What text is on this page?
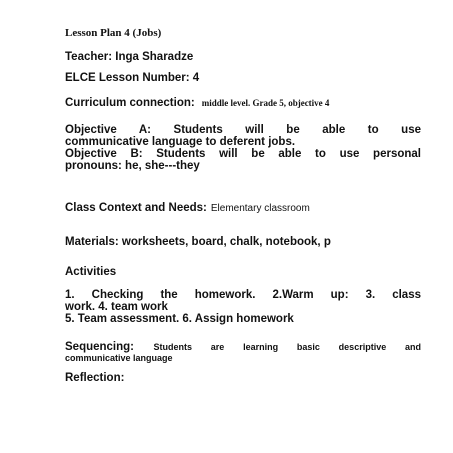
Lesson Plan 4 (Jobs)
Teacher: Inga Sharadze
ELCE Lesson Number: 4
Curriculum connection: middle level. Grade 5, objective 4
Objective A: Students will be able to use
communicative language to deferent jobs.
Objective B: Students will be able to use personal
pronouns: he, she---they
Class Context and Needs: Elementary classroom
Materials: worksheets, board, chalk, notebook, p
Activities
1. Checking the homework. 2.Warm up: 3. class
work. 4. team work
5. Team assessment. 6. Assign homework
Sequencing: Students are learning basic descriptive and
communicative language
Reflection:
